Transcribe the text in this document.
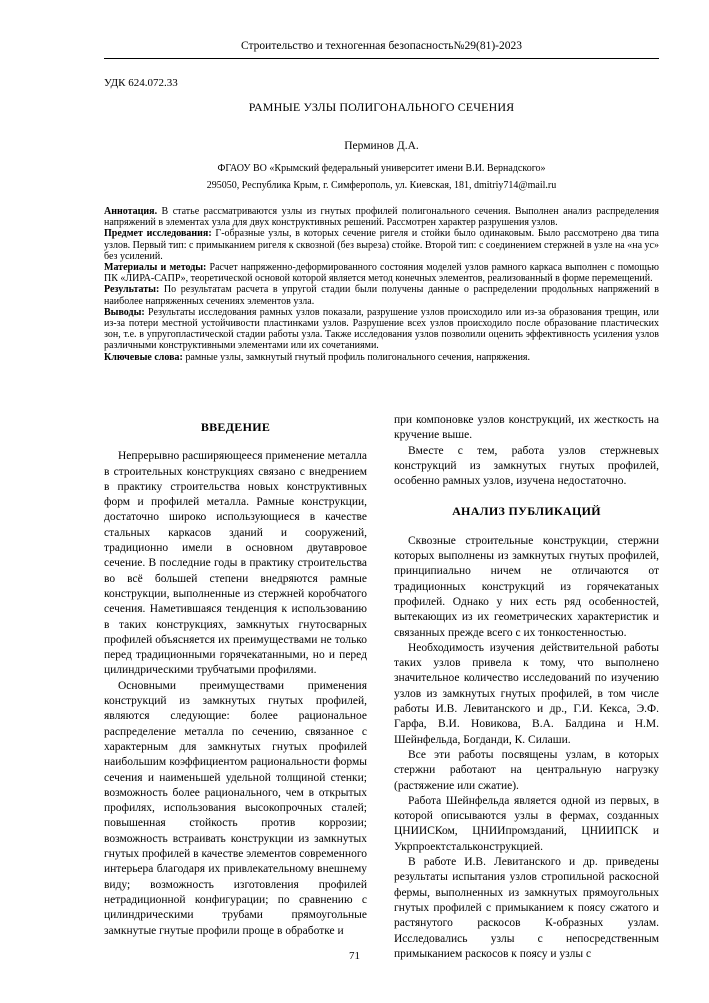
Строительство и техногенная безопасность№29(81)-2023
УДК 624.072.33
РАМНЫЕ УЗЛЫ ПОЛИГОНАЛЬНОГО СЕЧЕНИЯ
Перминов Д.А.
ФГАОУ ВО «Крымский федеральный университет имени В.И. Вернадского»
295050, Республика Крым, г. Симферополь, ул. Киевская, 181, dmitriy714@mail.ru

Аннотация. В статье рассматриваются узлы из гнутых профилей полигонального сечения. Выполнен анализ распределения напряжений в элементах узла для двух конструктивных решений. Рассмотрен характер разрушения узлов.

Предмет исследования: Г-образные узлы, в которых сечение ригеля и стойки было одинаковым. Было рассмотрено два типа узлов. Первый тип: с примыканием ригеля к сквозной (без выреза) стойке. Второй тип: с соединением стержней в узле на «на ус» без усилений.

Материалы и методы: Расчет напряженно-деформированного состояния моделей узлов рамного каркаса выполнен с помощью ПК «ЛИРА-САПР», теоретической основой которой является метод конечных элементов, реализованный в форме перемещений.

Результаты: По результатам расчета в упругой стадии были получены данные о распределении продольных напряжений в наиболее напряженных сечениях элементов узла.

Выводы: Результаты исследования рамных узлов показали, разрушение узлов происходило или из-за образования трещин, или из-за потери местной устойчивости пластинками узлов. Разрушение всех узлов происходило после образование пластических зон, т.е. в упругопластической стадии работы узла. Также исследования узлов позволили оценить эффективность усиления узлов различными конструктивными элементами или их сочетаниями.

Ключевые слова: рамные узлы, замкнутый гнутый профиль полигонального сечения, напряжения.

ВВЕДЕНИЕ

Непрерывно расширяющееся применение металла в строительных конструкциях связано с внедрением в практику строительства новых конструктивных форм и профилей металла. Рамные конструкции, достаточно широко использующиеся в качестве стальных каркасов зданий и сооружений, традиционно имели в основном двутавровое сечение. В последние годы в практику строительства во всё большей степени внедряются рамные конструкции, выполненные из стержней коробчатого сечения. Наметившаяся тенденция к использованию в таких конструкциях, замкнутых гнутосварных профилей объясняется их преимуществами не только перед традиционными горячекатанными, но и перед цилиндрическими трубчатыми профилями.

Основными преимуществами применения конструкций из замкнутых гнутых профилей, являются следующие: более рациональное распределение металла по сечению, связанное с характерным для замкнутых гнутых профилей наибольшим коэффициентом рациональности формы сечения и наименьшей удельной толщиной стенки; возможность более рационального, чем в открытых профилях, использования высокопрочных сталей; повышенная стойкость против коррозии; возможность встраивать конструкции из замкнутых гнутых профилей в качестве элементов современного интерьера благодаря их привлекательному внешнему виду; возможность изготовления профилей нетрадиционной конфигурации; по сравнению с цилиндрическими трубами прямоугольные замкнутые гнутые профили проще в обработке и

при компоновке узлов конструкций, их жесткость на кручение выше.

Вместе с тем, работа узлов стержневых конструкций из замкнутых гнутых профилей, особенно рамных узлов, изучена недостаточно.

АНАЛИЗ ПУБЛИКАЦИЙ

Сквозные строительные конструкции, стержни которых выполнены из замкнутых гнутых профилей, принципиально ничем не отличаются от традиционных конструкций из горячекатаных профилей. Однако у них есть ряд особенностей, вытекающих из их геометрических характеристик и связанных прежде всего с их тонкостенностью.

Необходимость изучения действительной работы таких узлов привела к тому, что выполнено значительное количество исследований по изучению узлов из замкнутых гнутых профилей, в том числе работы И.В. Левитанского и др., Г.И. Кекса, Э.Ф. Гарфа, В.И. Новикова, В.А. Балдина и Н.М. Шейнфельда, Богданди, К. Силаши.

Все эти работы посвящены узлам, в которых стержни работают на центральную нагрузку (растяжение или сжатие).

Работа Шейнфельда является одной из первых, в которой описываются узлы в фермах, созданных ЦНИИСКом, ЦНИИпромзданий, ЦНИИПСК и Укрпроектстальконструкцией.

В работе И.В. Левитанского и др. приведены результаты испытания узлов стропильной раскосной фермы, выполненных из замкнутых прямоугольных гнутых профилей с примыканием к поясу сжатого и растянутого раскосов К-образных узлам. Исследовались узлы с непосредственным примыканием раскосов к поясу и узлы с

71
